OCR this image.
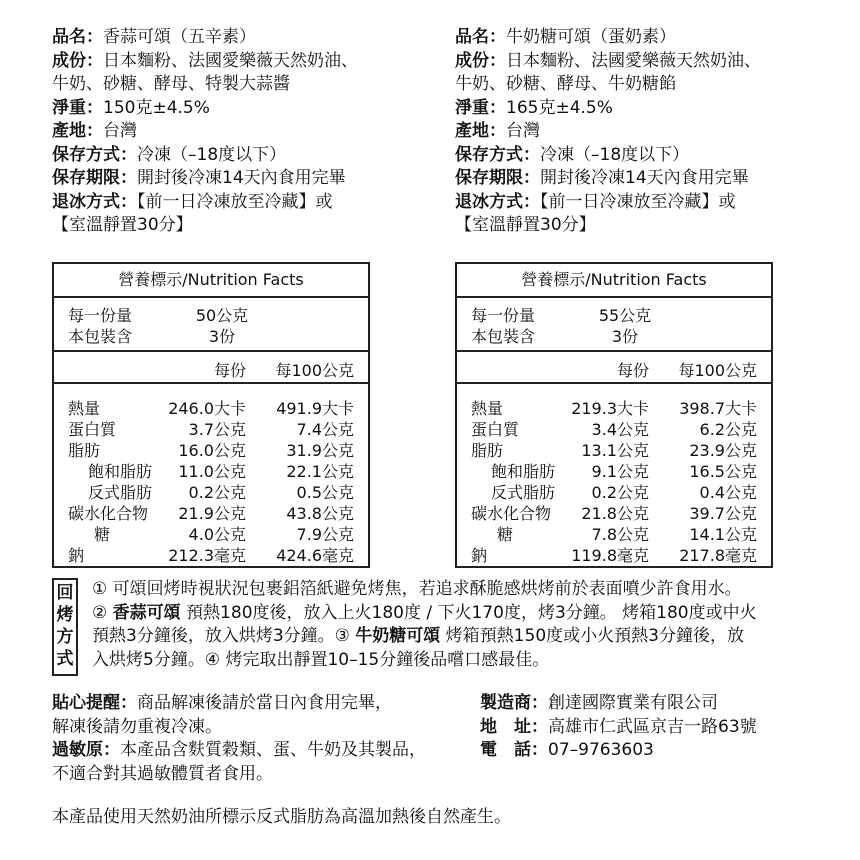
品名：香蒜可頌（五辛素）
成份：日本麵粉、法國愛樂薇天然奶油、
牛奶、砂糖、酵母、特製大蒜醬
淨重：150克±4.5%
產地：台灣
保存方式：冷凍（–18度以下）
保存期限：開封後冷凍14天內食用完畢
退冰方式：【前一日冷凍放至冷藏】或
【室溫靜置30分】
品名：牛奶糖可頌（蛋奶素）
成份：日本麵粉、法國愛樂薇天然奶油、
牛奶、砂糖、酵母、牛奶糖餡
淨重：165克±4.5%
產地：台灣
保存方式：冷凍（–18度以下）
保存期限：開封後冷凍14天內食用完畢
退冰方式：【前一日冷凍放至冷藏】或
【室溫靜置30分】
營養標示/Nutrition Facts
每一份量	50公克
本包裝含	3份
每份 每100公克
熱量	246.0大卡 491.9大卡
蛋白質	3.7公克	7.4公克
脂肪	16.0公克	31.9公克
飽和脂肪 11.0公克	22.1公克
反式脂肪 0.2公克	0.5公克
碳水化合物 21.9公克	43.8公克
糖	4.0公克	7.9公克
鈉	212.3毫克 424.6毫克
營養標示/Nutrition Facts
每一份量	55公克
本包裝含	3份
每份 每100公克
熱量	219.3大卡 398.7大卡
蛋白質	3.4公克	6.2公克
脂肪	13.1公克	23.9公克
飽和脂肪 9.1公克	16.5公克
反式脂肪 0.2公克	0.4公克
碳水化合物 21.8公克	39.7公克
糖	7.8公克	14.1公克
鈉	119.8毫克 217.8毫克
回
烤
方
式
① 可頌回烤時視狀況包裹鋁箔紙避免烤焦，若追求酥脆感烘烤前於表面噴少許食用水。
② 香蒜可頌 預熱180度後，放入上火180度 / 下火170度，烤3分鐘。 烤箱180度或中火
預熱3分鐘後，放入烘烤3分鐘。③ 牛奶糖可頌 烤箱預熱150度或小火預熱3分鐘後，放
入烘烤5分鐘。④ 烤完取出靜置10–15分鐘後品嚐口感最佳。
貼心提醒：商品解凍後請於當日內食用完畢，
解凍後請勿重複冷凍。
過敏原：本產品含麩質穀類、蛋、牛奶及其製品，
不適合對其過敏體質者食用。
製造商：創達國際實業有限公司
地　址：高雄市仁武區京吉一路63號
電　話：07–9763603
本產品使用天然奶油所標示反式脂肪為高溫加熱後自然產生。
